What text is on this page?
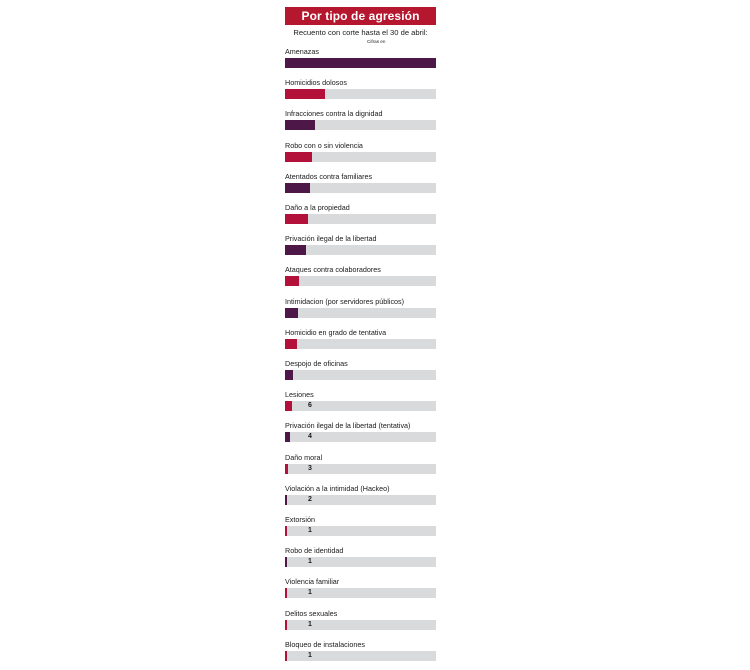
Por tipo de agresión
Recuento con corte hasta el 30 de abril:
Cifras en
Amenazas
Homicidios dolosos
Infracciones contra la dignidad
Robo con o sin violencia
Atentados contra familiares
Daño a la propiedad
Privación ilegal de la libertad
Ataques contra colaboradores
Intimidacion (por servidores públicos)
Homicidio en grado de tentativa
Despojo de oficinas
Lesiones
6
Privación ilegal de la libertad (tentativa)
4
Daño moral
3
Violación a la intimidad (Hackeo)
2
Extorsión
1
Robo de identidad
1
Violencia familiar
1
Delitos sexuales
1
Bloqueo de instalaciones
1
